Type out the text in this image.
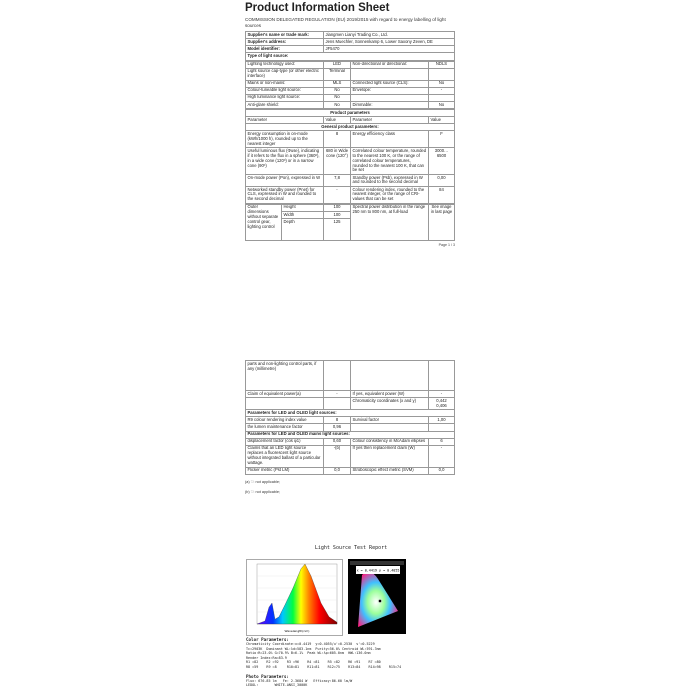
Product Information Sheet
COMMISSION DELEGATED REGULATION (EU) 2019/2015 with regard to energy labelling of light sources
Supplier's name or trade mark:	Jiangmen Lianyi Trading Co., Ltd.
Supplier's address:	Jens Muechler, Sonnenkamp 6, Lower Saxony Zeven, DE
Model identifier:	JF5470
Type of light source:	
Lighting technology used:	LED	Non-directional or directional:	NDLS
Light source cap-type (or other electric interface)	Terminal		
Mains or non-mains:	MLS	Connected light source (CLS):	No
Colour-tuneable light source:	No	Envelope:	-
High luminance light source:	No		
Anti-glare shield:	No	Dimmable:	No
Product parameters			
Parameter	Value	Parameter	Value
General product parameters:			
Energy consumption in on-mode (kWh/1000 h), rounded up to the nearest integer	8	Energy efficiency class	F
Useful luminous flux (Φuse), indicating if it refers to the flux in a sphere (360º), in a wide cone (120º) or in a narrow cone (90º)	680 in Wide cone (120°)	Correlated colour temperature, rounded to the nearest 100 K, or the range of correlated colour temperatures, rounded to the nearest 100 K, that can be set	3000…6500
On-mode power (Pon), expressed in W	7,8	Standby power (Psb), expressed in W and rounded to the second decimal	0,00
Networked standby power (Pnet) for CLS, expressed in W and rounded to the second decimal	-	Colour rendering index, rounded to the nearest integer, or the range of CRI-values that can be set	84
Outer dimensions without separate control gear, lighting control	Height	100	Spectral power distribution in the range 250 nm to 800 nm, at full-load	See image in last page
	Width	100		
	Depth	125		
Page 1 / 3
parts and non-lighting control parts, if any (millimetre)			
Claim of equivalent power(a)	-	If yes, equivalent power (W)	-
		Chromaticity coordinates (x and y)	0,442
0,406
Parameters for LED and OLED light sources:			
R9 colour rendering index value	8	Survival factor	1,00
the lumen maintenance factor	0,96		
Parameters for LED and OLED mains light sources:			
displacement factor (cos φ1)	0,60	Colour consistency in McAdam ellipses	6
Claims that an LED light source replaces a fluorescent light source without integrated ballast of a particular wattage.	-(b)	If yes then replacement claim (W)	-
Flicker metric (Pst LM)	0,0	Stroboscopic effect metric (SVM)	0,0
(a) '-': not applicable;
(b) '-': not applicable;
Light Source Test Report
Wavelength(nm)
x = 0.4419 y = 0.4055
Color Parameters:
Chromaticity Coordinate:x=0.4419  y=0.4055/u'=0.2530  v'=0.5229
Tc=2903K  Dominant WL:λd=583.1nm  Purity=56.0% Centroid WL:591.3nm
Ratio:R=23.0% G=70.9% B=6.1%  Peak WL:λp=605.0nm  HWL:136.0nm
Render Index:Ra=83.9
R1 =82    R2 =92    R3 =96    R4 =81    R5 =82    R6 =91    R7 =80
R8 =59    R9 =8     R10=81    R11=81    R12=75    R13=84    R14=98    R15=74
Photo Parameters:
Flux: 676.85 lm   Fe: 2.3684 W   Efficacy:86.60 lm/W
LEDOL:        WHITE-ANSI_3000K
